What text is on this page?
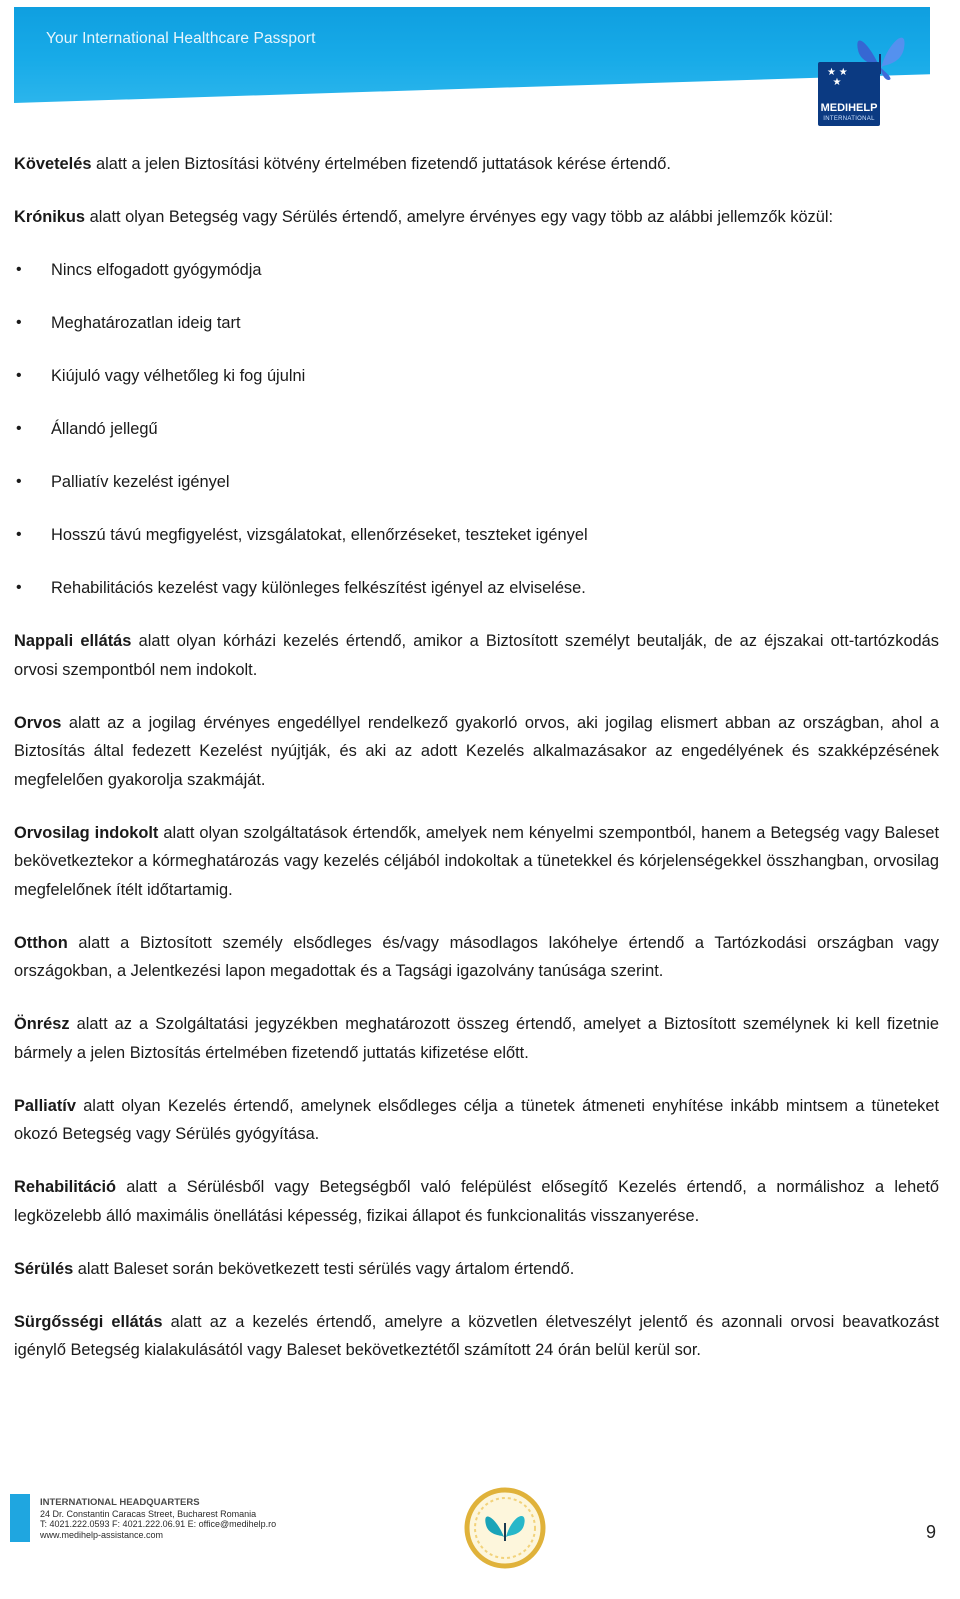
Your International Healthcare Passport
★ ★
★
MEDIHELP
INTERNATIONAL

Követelés alatt a jelen Biztosítási kötvény értelmében fizetendő juttatások kérése értendő.

Krónikus alatt olyan Betegség vagy Sérülés értendő, amelyre érvényes egy vagy több az alábbi jellemzők közül:

• Nincs elfogadott gyógymódja
• Meghatározatlan ideig tart
• Kiújuló vagy vélhetőleg ki fog újulni
• Állandó jellegű
• Palliatív kezelést igényel
• Hosszú távú megfigyelést, vizsgálatokat, ellenőrzéseket, teszteket igényel
• Rehabilitációs kezelést vagy különleges felkészítést igényel az elviselése.

Nappali ellátás alatt olyan kórházi kezelés értendő, amikor a Biztosított személyt beutalják, de az éjszakai ott-tartózkodás orvosi szempontból nem indokolt.

Orvos alatt az a jogilag érvényes engedéllyel rendelkező gyakorló orvos, aki jogilag elismert abban az országban, ahol a Biztosítás által fedezett Kezelést nyújtják, és aki az adott Kezelés alkalmazásakor az engedélyének és szakképzésének megfelelően gyakorolja szakmáját.

Orvosilag indokolt alatt olyan szolgáltatások értendők, amelyek nem kényelmi szempontból, hanem a Betegség vagy Baleset bekövetkeztekor a kórmeghatározás vagy kezelés céljából indokoltak a tünetekkel és kórjelenségekkel összhangban, orvosilag megfelelőnek ítélt időtartamig.

Otthon alatt a Biztosított személy elsődleges és/vagy másodlagos lakóhelye értendő a Tartózkodási országban vagy országokban, a Jelentkezési lapon megadottak és a Tagsági igazolvány tanúsága szerint.

Önrész alatt az a Szolgáltatási jegyzékben meghatározott összeg értendő, amelyet a Biztosított személynek ki kell fizetnie bármely a jelen Biztosítás értelmében fizetendő juttatás kifizetése előtt.

Palliatív alatt olyan Kezelés értendő, amelynek elsődleges célja a tünetek átmeneti enyhítése inkább mintsem a tüneteket okozó Betegség vagy Sérülés gyógyítása.

Rehabilitáció alatt a Sérülésből vagy Betegségből való felépülést elősegítő Kezelés értendő, a normálishoz a lehető legközelebb álló maximális önellátási képesség, fizikai állapot és funkcionalitás visszanyerése.

Sérülés alatt Baleset során bekövetkezett testi sérülés vagy ártalom értendő.

Sürgősségi ellátás alatt az a kezelés értendő, amelyre a közvetlen életveszélyt jelentő és azonnali orvosi beavatkozást igénylő Betegség kialakulásától vagy Baleset bekövetkeztétől számított 24 órán belül kerül sor.

INTERNATIONAL HEADQUARTERS
24 Dr. Constantin Caracas Street, Bucharest Romania
T: 4021.222.0593 F: 4021.222.06.91 E: office@medihelp.ro
www.medihelp-assistance.com	9
